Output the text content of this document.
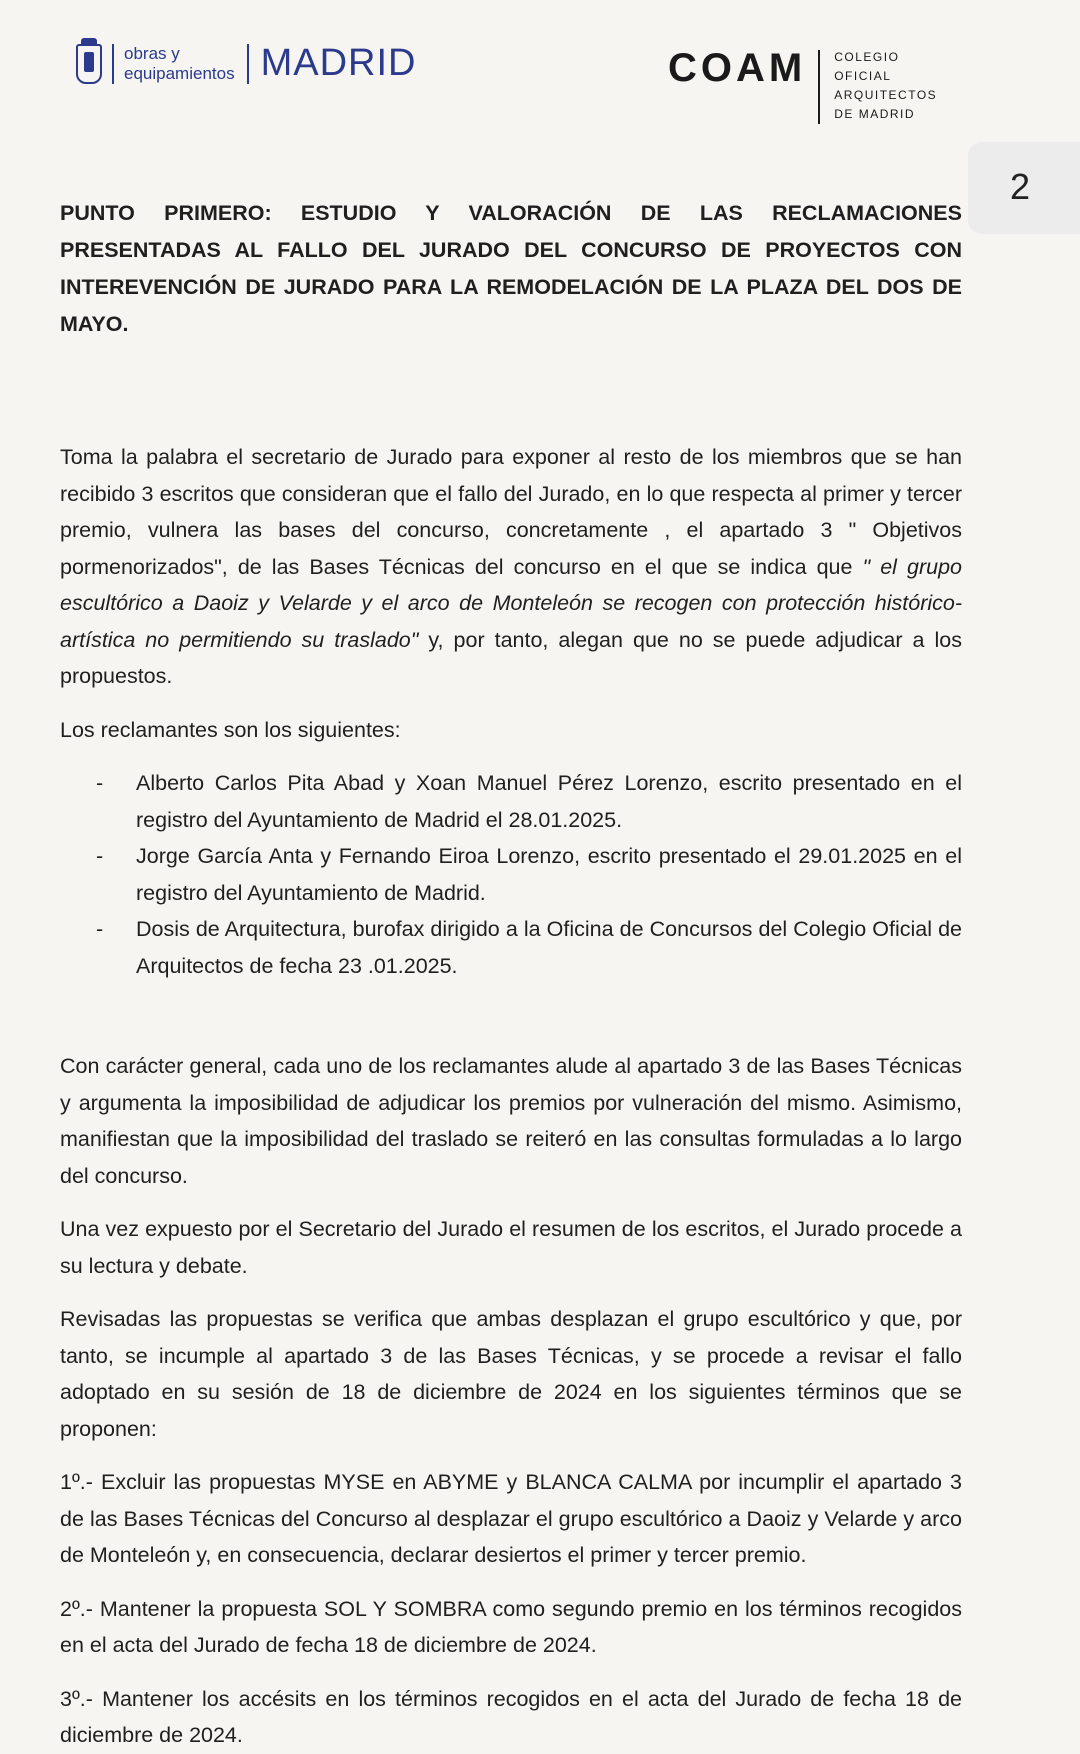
obras y
equipamientos MADRID	COAM COLEGIO
OFICIAL
ARQUITECTOS
DE MADRID
2

PUNTO PRIMERO: ESTUDIO Y VALORACIÓN DE LAS RECLAMACIONES PRESENTADAS AL FALLO DEL JURADO DEL CONCURSO DE PROYECTOS CON INTEREVENCIÓN DE JURADO PARA LA REMODELACIÓN DE LA PLAZA DEL DOS DE MAYO.

Toma la palabra el secretario de Jurado para exponer al resto de los miembros que se han recibido 3 escritos que consideran que el fallo del Jurado, en lo que respecta al primer y tercer premio, vulnera las bases del concurso, concretamente , el apartado 3 " Objetivos pormenorizados", de las Bases Técnicas del concurso en el que se indica que " el grupo escultórico a Daoiz y Velarde y el arco de Monteleón se recogen con protección histórico-artística no permitiendo su traslado" y, por tanto, alegan que no se puede adjudicar a los propuestos.

Los reclamantes son los siguientes:

- Alberto Carlos Pita Abad y Xoan Manuel Pérez Lorenzo, escrito presentado en el registro del Ayuntamiento de Madrid el 28.01.2025.
- Jorge García Anta y Fernando Eiroa Lorenzo, escrito presentado el 29.01.2025 en el registro del Ayuntamiento de Madrid.
- Dosis de Arquitectura, burofax dirigido a la Oficina de Concursos del Colegio Oficial de Arquitectos de fecha 23 .01.2025.

Con carácter general, cada uno de los reclamantes alude al apartado 3 de las Bases Técnicas y argumenta la imposibilidad de adjudicar los premios por vulneración del mismo. Asimismo, manifiestan que la imposibilidad del traslado se reiteró en las consultas formuladas a lo largo del concurso.

Una vez expuesto por el Secretario del Jurado el resumen de los escritos, el Jurado procede a su lectura y debate.

Revisadas las propuestas se verifica que ambas desplazan el grupo escultórico y que, por tanto, se incumple al apartado 3 de las Bases Técnicas, y se procede a revisar el fallo adoptado en su sesión de 18 de diciembre de 2024 en los siguientes términos que se proponen:

1º.- Excluir las propuestas MYSE en ABYME y BLANCA CALMA por incumplir el apartado 3 de las Bases Técnicas del Concurso al desplazar el grupo escultórico a Daoiz y Velarde y arco de Monteleón y, en consecuencia, declarar desiertos el primer y tercer premio.

2º.- Mantener la propuesta SOL Y SOMBRA como segundo premio en los términos recogidos en el acta del Jurado de fecha 18 de diciembre de 2024.

3º.- Mantener los accésits en los términos recogidos en el acta del Jurado de fecha 18 de diciembre de 2024.
